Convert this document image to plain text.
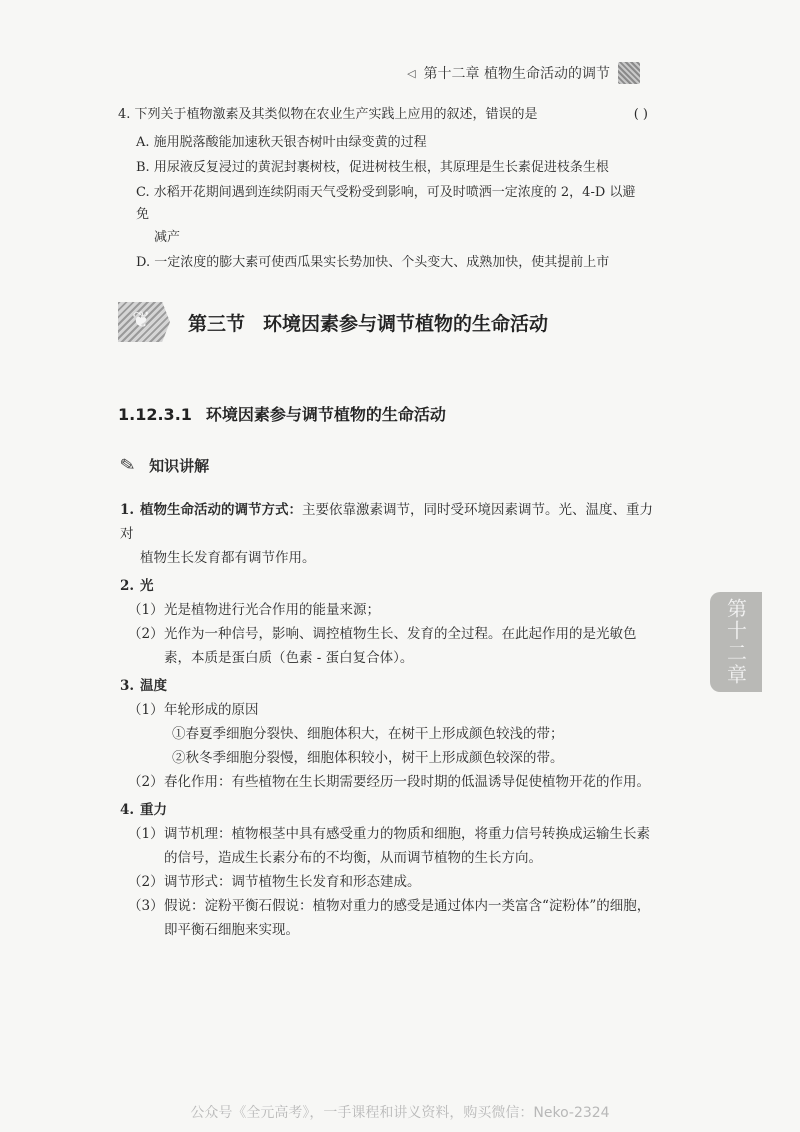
◁ 第十二章 植物生命活动的调节
4. 下列关于植物激素及其类似物在农业生产实践上应用的叙述，错误的是	( )
A. 施用脱落酸能加速秋天银杏树叶由绿变黄的过程
B. 用尿液反复浸过的黄泥封裹树枝，促进树枝生根，其原理是生长素促进枝条生根
C. 水稻开花期间遇到连续阴雨天气受粉受到影响，可及时喷洒一定浓度的 2，4-D 以避免
减产
D. 一定浓度的膨大素可使西瓜果实长势加快、个头变大、成熟加快，使其提前上市
❦
第三节 环境因素参与调节植物的生命活动
1.12.3.1 环境因素参与调节植物的生命活动
✎ 知识讲解
1. 植物生命活动的调节方式：主要依靠激素调节，同时受环境因素调节。光、温度、重力对
植物生长发育都有调节作用。
2. 光
（1） 光是植物进行光合作用的能量来源；
（2） 光作为一种信号，影响、调控植物生长、发育的全过程。在此起作用的是光敏色素，本质是蛋白质（色素 - 蛋白复合体）。
3. 温度
（1） 年轮形成的原因
①春夏季细胞分裂快、细胞体积大，在树干上形成颜色较浅的带；
②秋冬季细胞分裂慢，细胞体积较小，树干上形成颜色较深的带。
（2） 春化作用：有些植物在生长期需要经历一段时期的低温诱导促使植物开花的作用。
4. 重力
（1） 调节机理：植物根茎中具有感受重力的物质和细胞，将重力信号转换成运输生长素的信号，造成生长素分布的不均衡，从而调节植物的生长方向。
（2） 调节形式：调节植物生长发育和形态建成。
（3） 假说：淀粉平衡石假说：植物对重力的感受是通过体内一类富含“淀粉体”的细胞，即平衡石细胞来实现。
第十二章
公众号《全元高考》，一手课程和讲义资料，购买微信：Neko-2324
